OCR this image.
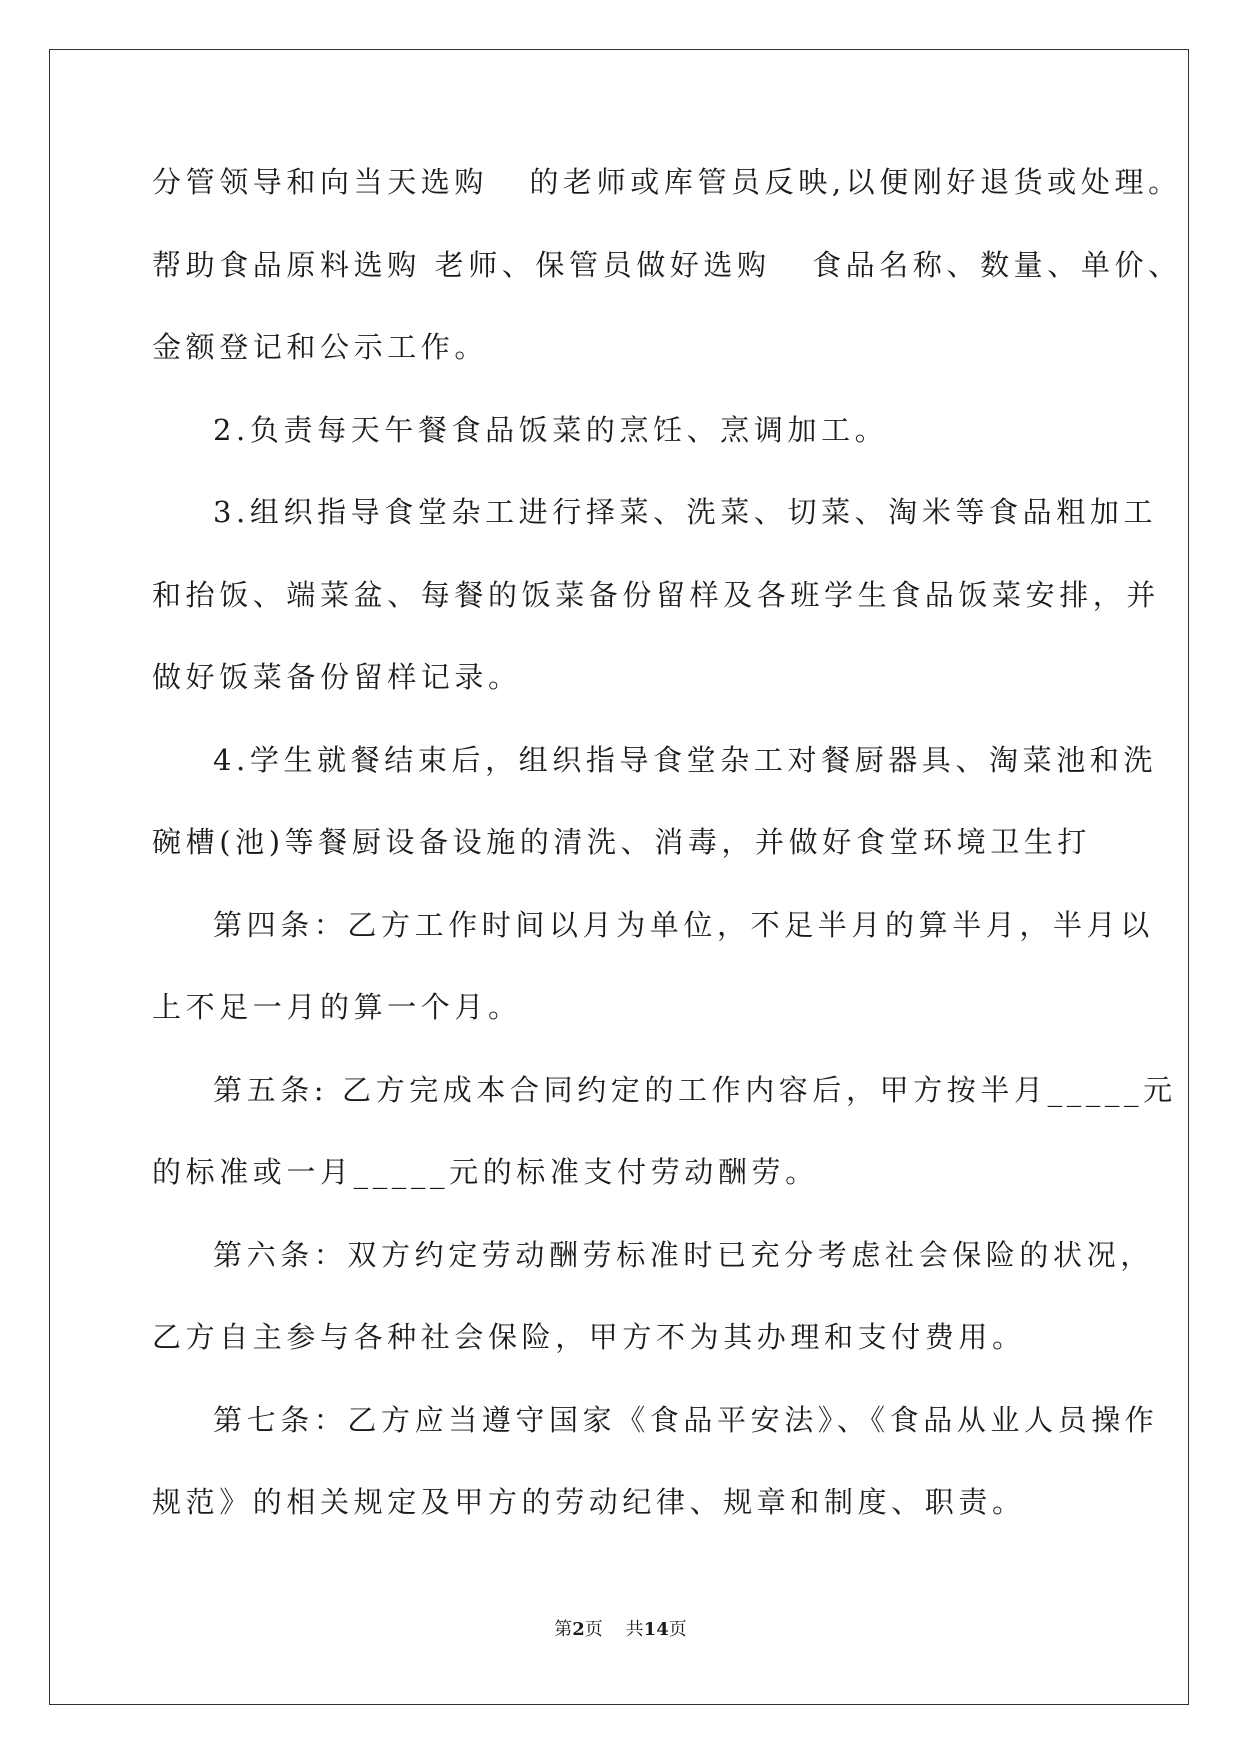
分管领导和向当天选购   的老师或库管员反映,以便刚好退货或处理。
帮助食品原料选购 老师、保管员做好选购   食品名称、数量、单价、
金额登记和公示工作。
2.负责每天午餐食品饭菜的烹饪、烹调加工。
3.组织指导食堂杂工进行择菜、洗菜、切菜、淘米等食品粗加工
和抬饭、端菜盆、每餐的饭菜备份留样及各班学生食品饭菜安排，并
做好饭菜备份留样记录。
4.学生就餐结束后，组织指导食堂杂工对餐厨器具、淘菜池和洗
碗槽(池)等餐厨设备设施的清洗、消毒，并做好食堂环境卫生打
第四条：乙方工作时间以月为单位，不足半月的算半月，半月以
上不足一月的算一个月。
第五条: 乙方完成本合同约定的工作内容后，甲方按半月_____元
的标准或一月_____元的标准支付劳动酬劳。
第六条：双方约定劳动酬劳标准时已充分考虑社会保险的状况，
乙方自主参与各种社会保险，甲方不为其办理和支付费用。
第七条：乙方应当遵守国家《食品平安法》、《食品从业人员操作
规范》的相关规定及甲方的劳动纪律、规章和制度、职责。
第2页 共14页
